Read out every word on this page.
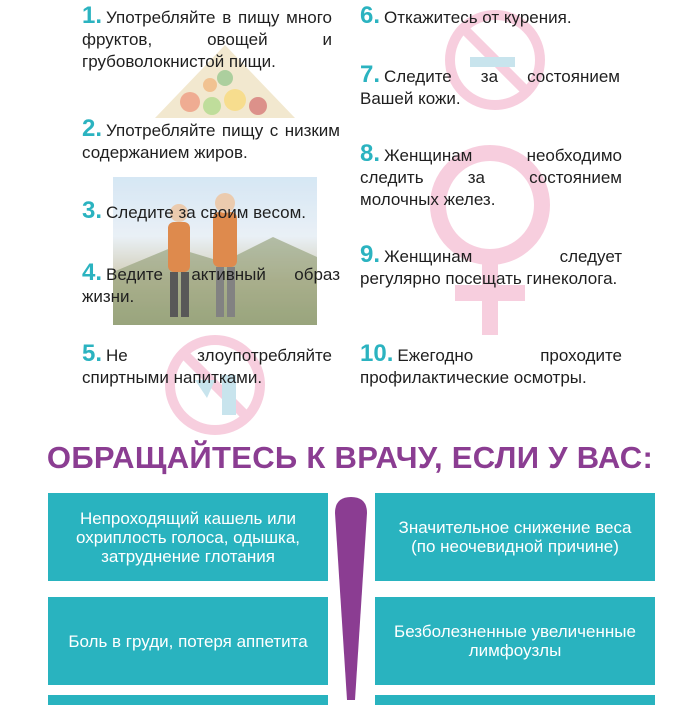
1. Употребляйте в пищу много фруктов, овощей и грубоволокнистой пищи.
2. Употребляйте пищу с низким содержанием жиров.
3. Следите за своим весом.
4. Ведите активный образ жизни.
5. Не злоупотребляйте спиртными напитками.
6. Откажитесь от курения.
7. Следите за состоянием Вашей кожи.
8. Женщинам необходимо следить за состоянием молочных желез.
9. Женщинам следует регулярно посещать гинеколога.
10. Ежегодно проходите профилактические осмотры.
ОБРАЩАЙТЕСЬ К ВРАЧУ, ЕСЛИ У ВАС:
Непроходящий кашель или охриплость голоса, одышка, затруднение глотания
Значительное снижение веса (по неочевидной причине)
Боль в груди, потеря аппетита	Безболезненные увеличенные лимфоузлы
